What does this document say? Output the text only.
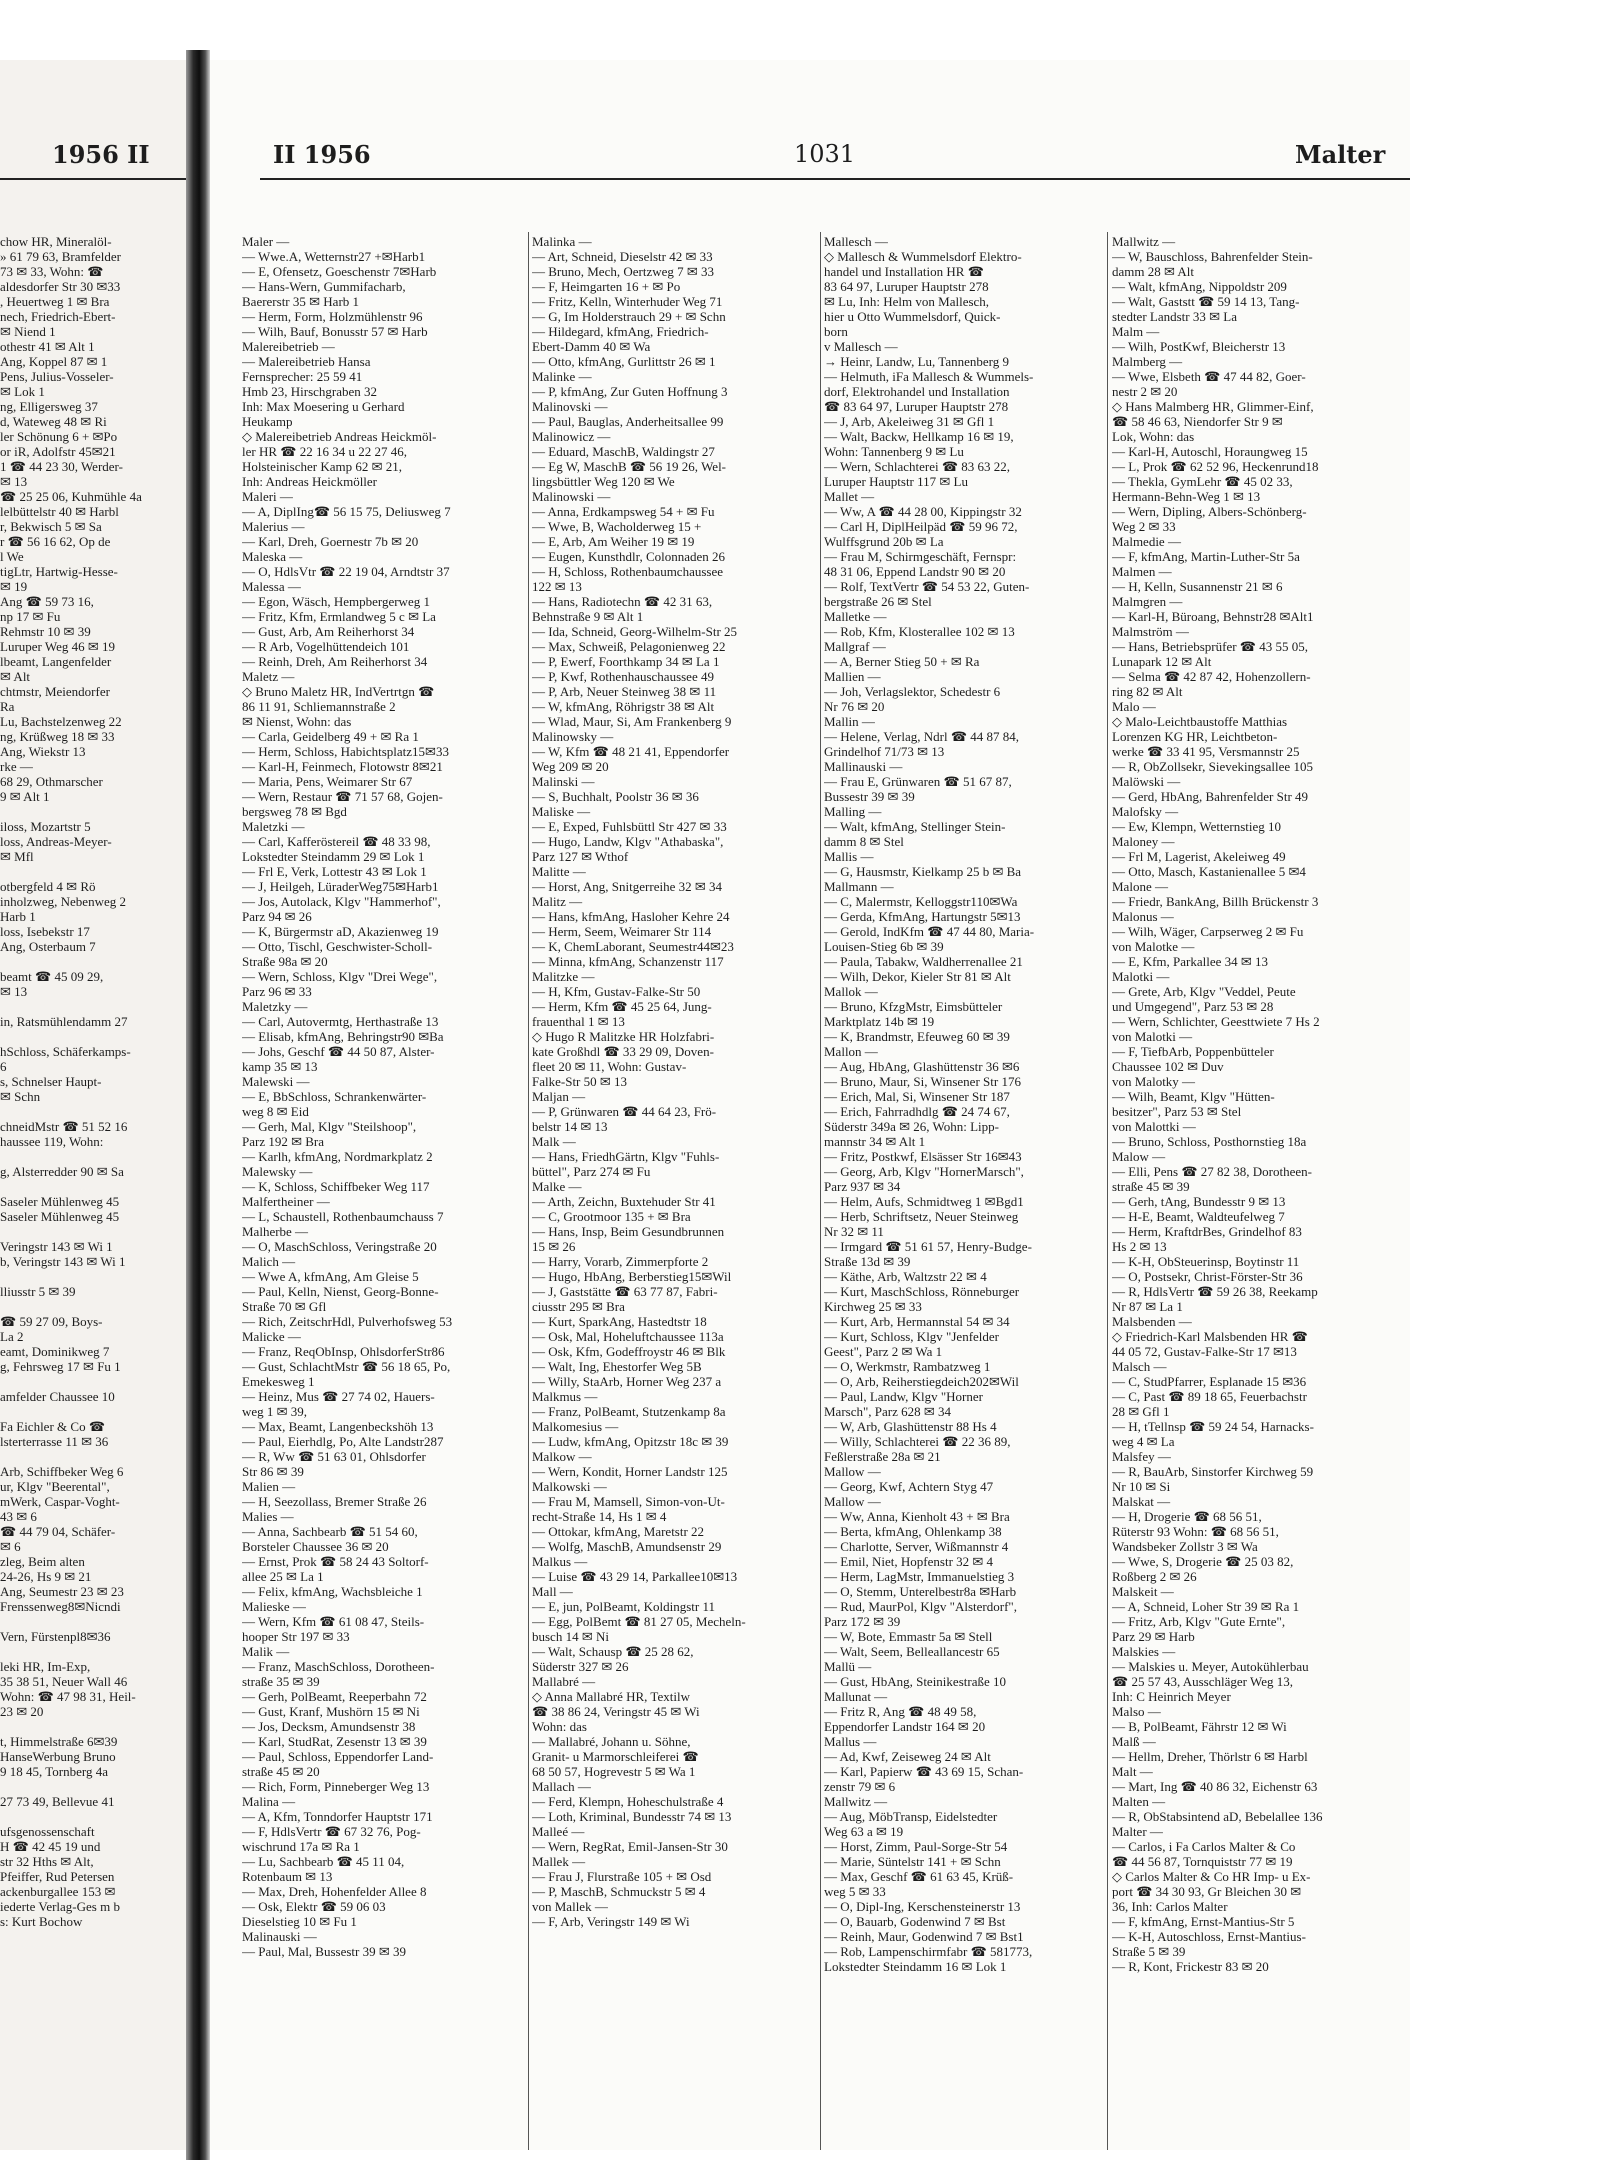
1956 II

chow HR, Mineralöl-

» 61 79 63, Bramfelder

73 ✉ 33, Wohn: ☎

aldesdorfer Str 30 ✉33

, Heuertweg 1 ✉ Bra

nech, Friedrich-Ebert-

✉ Niend 1

othestr 41 ✉ Alt 1

Ang, Koppel 87 ✉ 1

Pens, Julius-Vosseler-

✉ Lok 1

ng, Elligersweg 37

d, Wateweg 48 ✉ Ri

ler Schönung 6 + ✉Po

or iR, Adolfstr 45✉21

1 ☎ 44 23 30, Werder-

✉ 13

☎ 25 25 06, Kuhmühle 4a

lelbüttelstr 40 ✉ Harbl

r, Bekwisch 5 ✉ Sa

r ☎ 56 16 62, Op de

l We

tigLtr, Hartwig-Hesse-

✉ 19

Ang ☎ 59 73 16,

np 17 ✉ Fu

Rehmstr 10 ✉ 39

Luruper Weg 46 ✉ 19

lbeamt, Langenfelder

✉ Alt

chtmstr, Meiendorfer

Ra

Lu, Bachstelzenweg 22

ng, Krüßweg 18 ✉ 33

Ang, Wiekstr 13

rke —

68 29, Othmarscher

9 ✉ Alt 1

iloss, Mozartstr 5

loss, Andreas-Meyer-

✉ Mfl

otbergfeld 4 ✉ Rö

inholzweg, Nebenweg 2

Harb 1

loss, Isebekstr 17

Ang, Osterbaum 7

beamt ☎ 45 09 29,

✉ 13

in, Ratsmühlendamm 27

hSchloss, Schäferkamps-

6

s, Schnelser Haupt-

✉ Schn

chneidMstr ☎ 51 52 16

haussee 119, Wohn:

g, Alsterredder 90 ✉ Sa

Saseler Mühlenweg 45

Saseler Mühlenweg 45

Veringstr 143 ✉ Wi 1

b, Veringstr 143 ✉ Wi 1

lliusstr 5 ✉ 39

☎ 59 27 09, Boys-

La 2

eamt, Dominikweg 7

g, Fehrsweg 17 ✉ Fu 1

amfelder Chaussee 10

Fa Eichler & Co ☎

lsterterrasse 11 ✉ 36

Arb, Schiffbeker Weg 6

ur, Klgv "Beerental",

mWerk, Caspar-Voght-

43 ✉ 6

☎ 44 79 04, Schäfer-

✉ 6

zleg, Beim alten

24-26, Hs 9 ✉ 21

Ang, Seumestr 23 ✉ 23

Frenssenweg8✉Nicndi

Vern, Fürstenpl8✉36

leki HR, Im-Exp,

35 38 51, Neuer Wall 46

Wohn: ☎ 47 98 31, Heil-

23 ✉ 20

t, Himmelstraße 6✉39

HanseWerbung Bruno

9 18 45, Tornberg 4a

27 73 49, Bellevue 41

ufsgenossenschaft

H ☎ 42 45 19 und

str 32 Hths ✉ Alt,

Pfeiffer, Rud Petersen

ackenburgallee 153 ✉

iederte Verlag-Ges m b

s: Kurt Bochow

II 1956	1031	Malter

Maler —

— Wwe.A, Wetternstr27 +✉Harb1

— E, Ofensetz, Goeschenstr 7✉Harb

— Hans-Wern, Gummifacharb,

Baererstr 35 ✉ Harb 1

— Herm, Form, Holzmühlenstr 96

— Wilh, Bauf, Bonusstr 57 ✉ Harb

Malereibetrieb —

— Malereibetrieb Hansa

Fernsprecher: 25 59 41

Hmb 23, Hirschgraben 32

Inh: Max Moesering u Gerhard

Heukamp

◇ Malereibetrieb Andreas Heickmöl-

ler HR ☎ 22 16 34 u 22 27 46,

Holsteinischer Kamp 62 ✉ 21,

Inh: Andreas Heickmöller

Maleri —

— A, DiplIng☎ 56 15 75, Deliusweg 7

Malerius —

— Karl, Dreh, Goernestr 7b ✉ 20

Maleska —

— O, HdlsVtr ☎ 22 19 04, Arndtstr 37

Malessa —

— Egon, Wäsch, Hempbergerweg 1

— Fritz, Kfm, Ermlandweg 5 c ✉ La

— Gust, Arb, Am Reiherhorst 34

— R Arb, Vogelhüttendeich 101

— Reinh, Dreh, Am Reiherhorst 34

Maletz —

◇ Bruno Maletz HR, IndVertrtgn ☎

86 11 91, Schliemannstraße 2

✉ Nienst, Wohn: das

— Carla, Geidelberg 49 + ✉ Ra 1

— Herm, Schloss, Habichtsplatz15✉33

— Karl-H, Feinmech, Flotowstr 8✉21

— Maria, Pens, Weimarer Str 67

— Wern, Restaur ☎ 71 57 68, Gojen-

bergsweg 78 ✉ Bgd

Maletzki —

— Carl, Kafferöstereil ☎ 48 33 98,

Lokstedter Steindamm 29 ✉ Lok 1

— Frl E, Verk, Lottestr 43 ✉ Lok 1

— J, Heilgeh, LüraderWeg75✉Harb1

— Jos, Autolack, Klgv "Hammerhof",

Parz 94 ✉ 26

— K, Bürgermstr aD, Akazienweg 19

— Otto, Tischl, Geschwister-Scholl-

Straße 98a ✉ 20

— Wern, Schloss, Klgv "Drei Wege",

Parz 96 ✉ 33

Maletzky —

— Carl, Autovermtg, Herthastraße 13

— Elisab, kfmAng, Behringstr90 ✉Ba

— Johs, Geschf ☎ 44 50 87, Alster-

kamp 35 ✉ 13

Malewski —

— E, BbSchloss, Schrankenwärter-

weg 8 ✉ Eid

— Gerh, Mal, Klgv "Steilshoop",

Parz 192 ✉ Bra

— Karlh, kfmAng, Nordmarkplatz 2

Malewsky —

— K, Schloss, Schiffbeker Weg 117

Malfertheiner —

— L, Schaustell, Rothenbaumchauss 7

Malherbe —

— O, MaschSchloss, Veringstraße 20

Malich —

— Wwe A, kfmAng, Am Gleise 5

— Paul, Kelln, Nienst, Georg-Bonne-

Straße 70 ✉ Gfl

— Rich, ZeitschrHdl, Pulverhofsweg 53

Malicke —

— Franz, ReqObInsp, OhlsdorferStr86

— Gust, SchlachtMstr ☎ 56 18 65, Po,

Emekesweg 1

— Heinz, Mus ☎ 27 74 02, Hauers-

weg 1 ✉ 39,

— Max, Beamt, Langenbeckshöh 13

— Paul, Eierhdlg, Po, Alte Landstr287

— R, Ww ☎ 51 63 01, Ohlsdorfer

Str 86 ✉ 39

Malien —

— H, Seezollass, Bremer Straße 26

Malies —

— Anna, Sachbearb ☎ 51 54 60,

Borsteler Chaussee 36 ✉ 20

— Ernst, Prok ☎ 58 24 43 Soltorf-

allee 25 ✉ La 1

— Felix, kfmAng, Wachsbleiche 1

Malieske —

— Wern, Kfm ☎ 61 08 47, Steils-

hooper Str 197 ✉ 33

Malik —

— Franz, MaschSchloss, Dorotheen-

straße 35 ✉ 39

— Gerh, PolBeamt, Reeperbahn 72

— Gust, Kranf, Mushörn 15 ✉ Ni

— Jos, Decksm, Amundsenstr 38

— Karl, StudRat, Zesenstr 13 ✉ 39

— Paul, Schloss, Eppendorfer Land-

straße 45 ✉ 20

— Rich, Form, Pinneberger Weg 13

Malina —

— A, Kfm, Tonndorfer Hauptstr 171

— F, HdlsVertr ☎ 67 32 76, Pog-

wischrund 17a ✉ Ra 1

— Lu, Sachbearb ☎ 45 11 04,

Rotenbaum ✉ 13

— Max, Dreh, Hohenfelder Allee 8

— Osk, Elektr ☎ 59 06 03

Dieselstieg 10 ✉ Fu 1

Malinauski —

— Paul, Mal, Bussestr 39 ✉ 39

Malinka —

— Art, Schneid, Dieselstr 42 ✉ 33

— Bruno, Mech, Oertzweg 7 ✉ 33

— F, Heimgarten 16 + ✉ Po

— Fritz, Kelln, Winterhuder Weg 71

— G, Im Holderstrauch 29 + ✉ Schn

— Hildegard, kfmAng, Friedrich-

Ebert-Damm 40 ✉ Wa

— Otto, kfmAng, Gurlittstr 26 ✉ 1

Malinke —

— P, kfmAng, Zur Guten Hoffnung 3

Malinovski —

— Paul, Bauglas, Anderheitsallee 99

Malinowicz —

— Eduard, MaschB, Waldingstr 27

— Eg W, MaschB ☎ 56 19 26, Wel-

lingsbüttler Weg 120 ✉ We

Malinowski —

— Anna, Erdkampsweg 54 + ✉ Fu

— Wwe, B, Wacholderweg 15 +

— E, Arb, Am Weiher 19 ✉ 19

— Eugen, Kunsthdlr, Colonnaden 26

— H, Schloss, Rothenbaumchaussee

122 ✉ 13

— Hans, Radiotechn ☎ 42 31 63,

Behnstraße 9 ✉ Alt 1

— Ida, Schneid, Georg-Wilhelm-Str 25

— Max, Schweiß, Pelagonienweg 22

— P, Ewerf, Foorthkamp 34 ✉ La 1

— P, Kwf, Rothenhauschaussee 49

— P, Arb, Neuer Steinweg 38 ✉ 11

— W, kfmAng, Röhrigstr 38 ✉ Alt

— Wlad, Maur, Si, Am Frankenberg 9

Malinowsky —

— W, Kfm ☎ 48 21 41, Eppendorfer

Weg 209 ✉ 20

Malinski —

— S, Buchhalt, Poolstr 36 ✉ 36

Maliske —

— E, Exped, Fuhlsbüttl Str 427 ✉ 33

— Hugo, Landw, Klgv "Athabaska",

Parz 127 ✉ Wthof

Malitte —

— Horst, Ang, Snitgerreihe 32 ✉ 34

Malitz —

— Hans, kfmAng, Hasloher Kehre 24

— Herm, Seem, Weimarer Str 114

— K, ChemLaborant, Seumestr44✉23

— Minna, kfmAng, Schanzenstr 117

Malitzke —

— H, Kfm, Gustav-Falke-Str 50

— Herm, Kfm ☎ 45 25 64, Jung-

frauenthal 1 ✉ 13

◇ Hugo R Malitzke HR Holzfabri-

kate Großhdl ☎ 33 29 09, Doven-

fleet 20 ✉ 11, Wohn: Gustav-

Falke-Str 50 ✉ 13

Maljan —

— P, Grünwaren ☎ 44 64 23, Frö-

belstr 14 ✉ 13

Malk —

— Hans, FriedhGärtn, Klgv "Fuhls-

büttel", Parz 274 ✉ Fu

Malke —

— Arth, Zeichn, Buxtehuder Str 41

— C, Grootmoor 135 + ✉ Bra

— Hans, Insp, Beim Gesundbrunnen

15 ✉ 26

— Harry, Vorarb, Zimmerpforte 2

— Hugo, HbAng, Berberstieg15✉Wil

— J, Gaststätte ☎ 63 77 87, Fabri-

ciusstr 295 ✉ Bra

— Kurt, SparkAng, Hastedtstr 18

— Osk, Mal, Hoheluftchaussee 113a

— Osk, Kfm, Godeffroystr 46 ✉ Blk

— Walt, Ing, Ehestorfer Weg 5B

— Willy, StaArb, Horner Weg 237 a

Malkmus —

— Franz, PolBeamt, Stutzenkamp 8a

Malkomesius —

— Ludw, kfmAng, Opitzstr 18c ✉ 39

Malkow —

— Wern, Kondit, Horner Landstr 125

Malkowski —

— Frau M, Mamsell, Simon-von-Ut-

recht-Straße 14, Hs 1 ✉ 4

— Ottokar, kfmAng, Maretstr 22

— Wolfg, MaschB, Amundsenstr 29

Malkus —

— Luise ☎ 43 29 14, Parkallee10✉13

Mall —

— E, jun, PolBeamt, Koldingstr 11

— Egg, PolBemt ☎ 81 27 05, Mecheln-

busch 14 ✉ Ni

— Walt, Schausp ☎ 25 28 62,

Süderstr 327 ✉ 26

Mallabré —

◇ Anna Mallabré HR, Textilw

☎ 38 86 24, Veringstr 45 ✉ Wi

Wohn: das

— Mallabré, Johann u. Söhne,

Granit- u Marmorschleiferei ☎

68 50 57, Hogrevestr 5 ✉ Wa 1

Mallach —

— Ferd, Klempn, Hoheschulstraße 4

— Loth, Kriminal, Bundesstr 74 ✉ 13

Malleé —

— Wern, RegRat, Emil-Jansen-Str 30

Mallek —

— Frau J, Flurstraße 105 + ✉ Osd

— P, MaschB, Schmuckstr 5 ✉ 4

von Mallek —

— F, Arb, Veringstr 149 ✉ Wi

Mallesch —

◇ Mallesch & Wummelsdorf Elektro-

handel und Installation HR ☎

83 64 97, Luruper Hauptstr 278

✉ Lu, Inh: Helm von Mallesch,

hier u Otto Wummelsdorf, Quick-

born

v Mallesch —

→ Heinr, Landw, Lu, Tannenberg 9

— Helmuth, iFa Mallesch & Wummels-

dorf, Elektrohandel und Installation

☎ 83 64 97, Luruper Hauptstr 278

— J, Arb, Akeleiweg 31 ✉ Gfl 1

— Walt, Backw, Hellkamp 16 ✉ 19,

Wohn: Tannenberg 9 ✉ Lu

— Wern, Schlachterei ☎ 83 63 22,

Luruper Hauptstr 117 ✉ Lu

Mallet —

— Ww, A ☎ 44 28 00, Kippingstr 32

— Carl H, DiplHeilpäd ☎ 59 96 72,

Wulffsgrund 20b ✉ La

— Frau M, Schirmgeschäft, Fernspr:

48 31 06, Eppend Landstr 90 ✉ 20

— Rolf, TextVertr ☎ 54 53 22, Guten-

bergstraße 26 ✉ Stel

Malletke —

— Rob, Kfm, Klosterallee 102 ✉ 13

Mallgraf —

— A, Berner Stieg 50 + ✉ Ra

Mallien —

— Joh, Verlagslektor, Schedestr 6

Nr 76 ✉ 20

Mallin —

— Helene, Verlag, Ndrl ☎ 44 87 84,

Grindelhof 71/73 ✉ 13

Mallinauski —

— Frau E, Grünwaren ☎ 51 67 87,

Bussestr 39 ✉ 39

Malling —

— Walt, kfmAng, Stellinger Stein-

damm 8 ✉ Stel

Mallis —

— G, Hausmstr, Kielkamp 25 b ✉ Ba

Mallmann —

— C, Malermstr, Kelloggstr110✉Wa

— Gerda, KfmAng, Hartungstr 5✉13

— Gerold, IndKfm ☎ 47 44 80, Maria-

Louisen-Stieg 6b ✉ 39

— Paula, Tabakw, Waldherrenallee 21

— Wilh, Dekor, Kieler Str 81 ✉ Alt

Mallok —

— Bruno, KfzgMstr, Eimsbütteler

Marktplatz 14b ✉ 19

— K, Brandmstr, Efeuweg 60 ✉ 39

Mallon —

— Aug, HbAng, Glashüttenstr 36 ✉6

— Bruno, Maur, Si, Winsener Str 176

— Erich, Mal, Si, Winsener Str 187

— Erich, Fahrradhdlg ☎ 24 74 67,

Süderstr 349a ✉ 26, Wohn: Lipp-

mannstr 34 ✉ Alt 1

— Fritz, Postkwf, Elsässer Str 16✉43

— Georg, Arb, Klgv "HornerMarsch",

Parz 937 ✉ 34

— Helm, Aufs, Schmidtweg 1 ✉Bgd1

— Herb, Schriftsetz, Neuer Steinweg

Nr 32 ✉ 11

— Irmgard ☎ 51 61 57, Henry-Budge-

Straße 13d ✉ 39

— Käthe, Arb, Waltzstr 22 ✉ 4

— Kurt, MaschSchloss, Rönneburger

Kirchweg 25 ✉ 33

— Kurt, Arb, Hermannstal 54 ✉ 34

— Kurt, Schloss, Klgv "Jenfelder

Geest", Parz 2 ✉ Wa 1

— O, Werkmstr, Rambatzweg 1

— O, Arb, Reiherstiegdeich202✉Wil

— Paul, Landw, Klgv "Horner

Marsch", Parz 628 ✉ 34

— W, Arb, Glashüttenstr 88 Hs 4

— Willy, Schlachterei ☎ 22 36 89,

Feßlerstraße 28a ✉ 21

Mallow —

— Georg, Kwf, Achtern Styg 47

Mallow —

— Ww, Anna, Kienholt 43 + ✉ Bra

— Berta, kfmAng, Ohlenkamp 38

— Charlotte, Server, Wißmannstr 4

— Emil, Niet, Hopfenstr 32 ✉ 4

— Herm, LagMstr, Immanuelstieg 3

— O, Stemm, Unterelbestr8a ✉Harb

— Rud, MaurPol, Klgv "Alsterdorf",

Parz 172 ✉ 39

— W, Bote, Emmastr 5a ✉ Stell

— Walt, Seem, Belleallancestr 65

Mallü —

— Gust, HbAng, Steinikestraße 10

Mallunat —

— Fritz R, Ang ☎ 48 49 58,

Eppendorfer Landstr 164 ✉ 20

Mallus —

— Ad, Kwf, Zeiseweg 24 ✉ Alt

— Karl, Papierw ☎ 43 69 15, Schan-

zenstr 79 ✉ 6

Mallwitz —

— Aug, MöbTransp, Eidelstedter

Weg 63 a ✉ 19

— Horst, Zimm, Paul-Sorge-Str 54

— Marie, Süntelstr 141 + ✉ Schn

— Max, Geschf ☎ 61 63 45, Krüß-

weg 5 ✉ 33

— O, Dipl-Ing, Kerschensteinerstr 13

— O, Bauarb, Godenwind 7 ✉ Bst

— Reinh, Maur, Godenwind 7 ✉ Bst1

— Rob, Lampenschirmfabr ☎ 581773,

Lokstedter Steindamm 16 ✉ Lok 1

Mallwitz —

— W, Bauschloss, Bahrenfelder Stein-

damm 28 ✉ Alt

— Walt, kfmAng, Nippoldstr 209

— Walt, Gaststt ☎ 59 14 13, Tang-

stedter Landstr 33 ✉ La

Malm —

— Wilh, PostKwf, Bleicherstr 13

Malmberg —

— Wwe, Elsbeth ☎ 47 44 82, Goer-

nestr 2 ✉ 20

◇ Hans Malmberg HR, Glimmer-Einf,

☎ 58 46 63, Niendorfer Str 9 ✉

Lok, Wohn: das

— Karl-H, Autoschl, Horaungweg 15

— L, Prok ☎ 62 52 96, Heckenrund18

— Thekla, GymLehr ☎ 45 02 33,

Hermann-Behn-Weg 1 ✉ 13

— Wern, Dipling, Albers-Schönberg-

Weg 2 ✉ 33

Malmedie —

— F, kfmAng, Martin-Luther-Str 5a

Malmen —

— H, Kelln, Susannenstr 21 ✉ 6

Malmgren —

— Karl-H, Büroang, Behnstr28 ✉Alt1

Malmström —

— Hans, Betriebsprüfer ☎ 43 55 05,

Lunapark 12 ✉ Alt

— Selma ☎ 42 87 42, Hohenzollern-

ring 82 ✉ Alt

Malo —

◇ Malo-Leichtbaustoffe Matthias

Lorenzen KG HR, Leichtbeton-

werke ☎ 33 41 95, Versmannstr 25

— R, ObZollsekr, Sievekingsallee 105

Malöwski —

— Gerd, HbAng, Bahrenfelder Str 49

Malofsky —

— Ew, Klempn, Wetternstieg 10

Maloney —

— Frl M, Lagerist, Akeleiweg 49

— Otto, Masch, Kastanienallee 5 ✉4

Malone —

— Friedr, BankAng, Billh Brückenstr 3

Malonus —

— Wilh, Wäger, Carpserweg 2 ✉ Fu

von Malotke —

— E, Kfm, Parkallee 34 ✉ 13

Malotki —

— Grete, Arb, Klgv "Veddel, Peute

und Umgegend", Parz 53 ✉ 28

— Wern, Schlichter, Geesttwiete 7 Hs 2

von Malotki —

— F, TiefbArb, Poppenbütteler

Chaussee 102 ✉ Duv

von Malotky —

— Wilh, Beamt, Klgv "Hütten-

besitzer", Parz 53 ✉ Stel

von Malottki —

— Bruno, Schloss, Posthornstieg 18a

Malow —

— Elli, Pens ☎ 27 82 38, Dorotheen-

straße 45 ✉ 39

— Gerh, tAng, Bundesstr 9 ✉ 13

— H-E, Beamt, Waldteufelweg 7

— Herm, KraftdrBes, Grindelhof 83

Hs 2 ✉ 13

— K-H, ObSteuerinsp, Boytinstr 11

— O, Postsekr, Christ-Förster-Str 36

— R, HdlsVertr ☎ 59 26 38, Reekamp

Nr 87 ✉ La 1

Malsbenden —

◇ Friedrich-Karl Malsbenden HR ☎

44 05 72, Gustav-Falke-Str 17 ✉13

Malsch —

— C, StudPfarrer, Esplanade 15 ✉36

— C, Past ☎ 89 18 65, Feuerbachstr

28 ✉ Gfl 1

— H, tTellnsp ☎ 59 24 54, Harnacks-

weg 4 ✉ La

Malsfey —

— R, BauArb, Sinstorfer Kirchweg 59

Nr 10 ✉ Si

Malskat —

— H, Drogerie ☎ 68 56 51,

Rüterstr 93 Wohn: ☎ 68 56 51,

Wandsbeker Zollstr 3 ✉ Wa

— Wwe, S, Drogerie ☎ 25 03 82,

Roßberg 2 ✉ 26

Malskeit —

— A, Schneid, Loher Str 39 ✉ Ra 1

— Fritz, Arb, Klgv "Gute Ernte",

Parz 29 ✉ Harb

Malskies —

— Malskies u. Meyer, Autokühlerbau

☎ 25 57 43, Ausschläger Weg 13,

Inh: C Heinrich Meyer

Malso —

— B, PolBeamt, Fährstr 12 ✉ Wi

Malß —

— Hellm, Dreher, Thörlstr 6 ✉ Harbl

Malt —

— Mart, Ing ☎ 40 86 32, Eichenstr 63

Malten —

— R, ObStabsintend aD, Bebelallee 136

Malter —

— Carlos, i Fa Carlos Malter & Co

☎ 44 56 87, Tornquiststr 77 ✉ 19

◇ Carlos Malter & Co HR Imp- u Ex-

port ☎ 34 30 93, Gr Bleichen 30 ✉

36, Inh: Carlos Malter

— F, kfmAng, Ernst-Mantius-Str 5

— K-H, Autoschloss, Ernst-Mantius-

Straße 5 ✉ 39

— R, Kont, Frickestr 83 ✉ 20
